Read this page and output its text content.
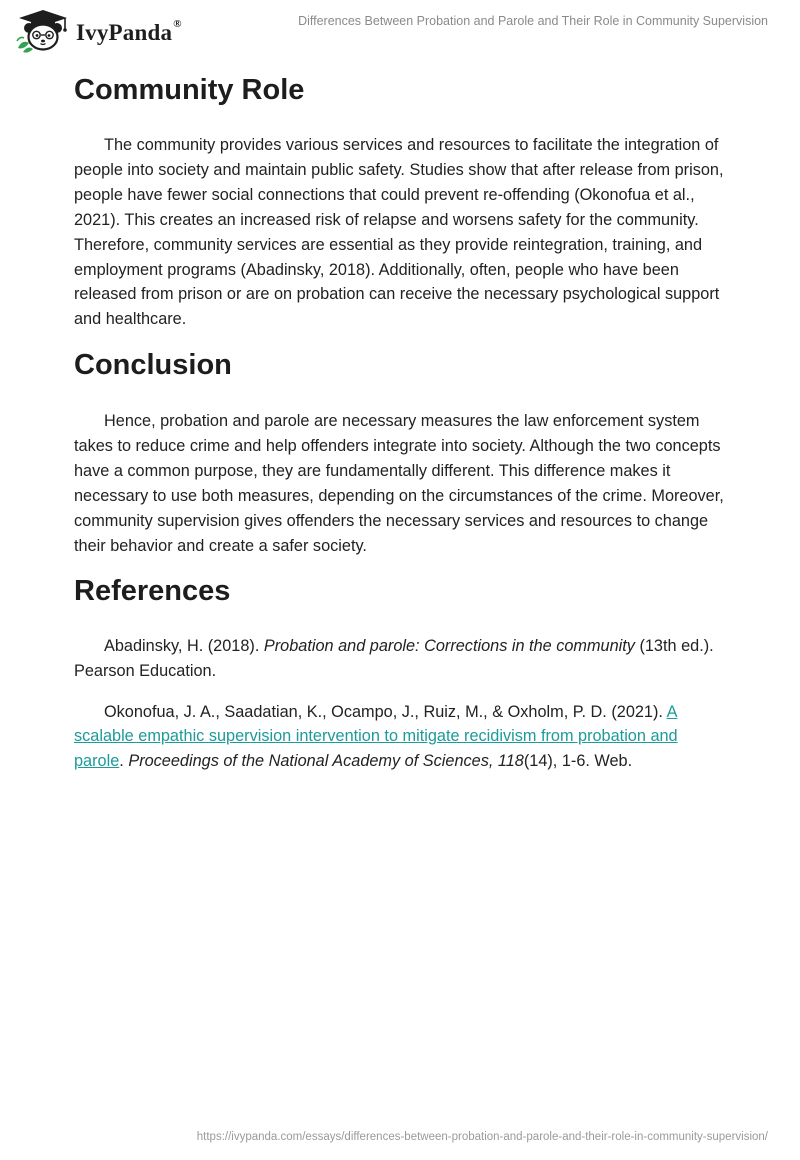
IvyPanda®	Differences Between Probation and Parole and Their Role in Community Supervision
Community Role

The community provides various services and resources to facilitate the integration of people into society and maintain public safety. Studies show that after release from prison, people have fewer social connections that could prevent re-offending (Okonofua et al., 2021). This creates an increased risk of relapse and worsens safety for the community. Therefore, community services are essential as they provide reintegration, training, and employment programs (Abadinsky, 2018). Additionally, often, people who have been released from prison or are on probation can receive the necessary psychological support and healthcare.

Conclusion

Hence, probation and parole are necessary measures the law enforcement system takes to reduce crime and help offenders integrate into society. Although the two concepts have a common purpose, they are fundamentally different. This difference makes it necessary to use both measures, depending on the circumstances of the crime. Moreover, community supervision gives offenders the necessary services and resources to change their behavior and create a safer society.

References

Abadinsky, H. (2018). Probation and parole: Corrections in the community (13th ed.). Pearson Education.

Okonofua, J. A., Saadatian, K., Ocampo, J., Ruiz, M., & Oxholm, P. D. (2021). A scalable empathic supervision intervention to mitigate recidivism from probation and parole. Proceedings of the National Academy of Sciences, 118(14), 1-6. Web.

https://ivypanda.com/essays/differences-between-probation-and-parole-and-their-role-in-community-supervision/
